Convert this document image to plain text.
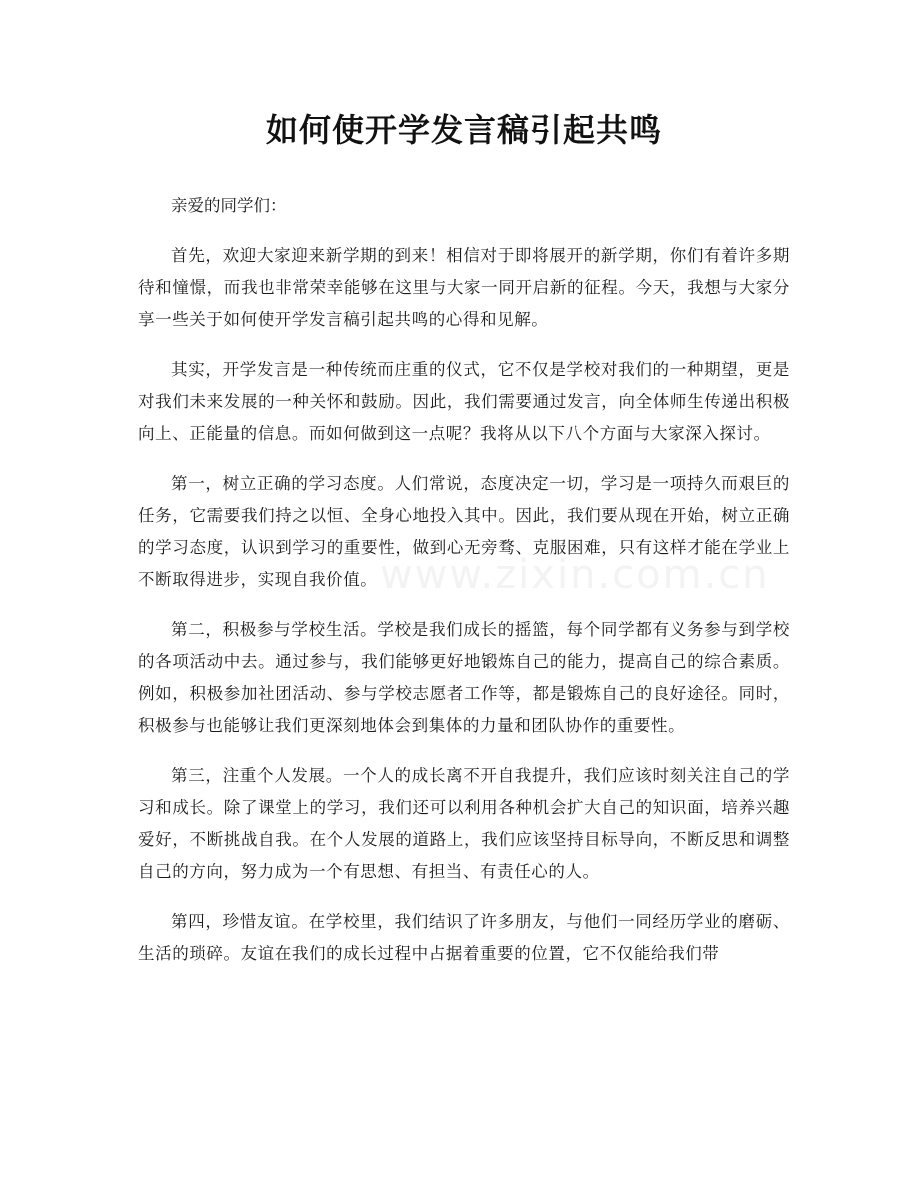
如何使开学发言稿引起共鸣

亲爱的同学们：

首先，欢迎大家迎来新学期的到来！相信对于即将展开的新学期，你们有着许多期待和憧憬，而我也非常荣幸能够在这里与大家一同开启新的征程。今天，我想与大家分享一些关于如何使开学发言稿引起共鸣的心得和见解。

其实，开学发言是一种传统而庄重的仪式，它不仅是学校对我们的一种期望，更是对我们未来发展的一种关怀和鼓励。因此，我们需要通过发言，向全体师生传递出积极向上、正能量的信息。而如何做到这一点呢？我将从以下八个方面与大家深入探讨。

第一，树立正确的学习态度。人们常说，态度决定一切，学习是一项持久而艰巨的任务，它需要我们持之以恒、全身心地投入其中。因此，我们要从现在开始，树立正确的学习态度，认识到学习的重要性，做到心无旁骛、克服困难，只有这样才能在学业上不断取得进步，实现自我价值。

第二，积极参与学校生活。学校是我们成长的摇篮，每个同学都有义务参与到学校的各项活动中去。通过参与，我们能够更好地锻炼自己的能力，提高自己的综合素质。例如，积极参加社团活动、参与学校志愿者工作等，都是锻炼自己的良好途径。同时，积极参与也能够让我们更深刻地体会到集体的力量和团队协作的重要性。

第三，注重个人发展。一个人的成长离不开自我提升，我们应该时刻关注自己的学习和成长。除了课堂上的学习，我们还可以利用各种机会扩大自己的知识面，培养兴趣爱好，不断挑战自我。在个人发展的道路上，我们应该坚持目标导向，不断反思和调整自己的方向，努力成为一个有思想、有担当、有责任心的人。

第四，珍惜友谊。在学校里，我们结识了许多朋友，与他们一同经历学业的磨砺、生活的琐碎。友谊在我们的成长过程中占据着重要的位置，它不仅能给我们带

www.zixin.com.cn
